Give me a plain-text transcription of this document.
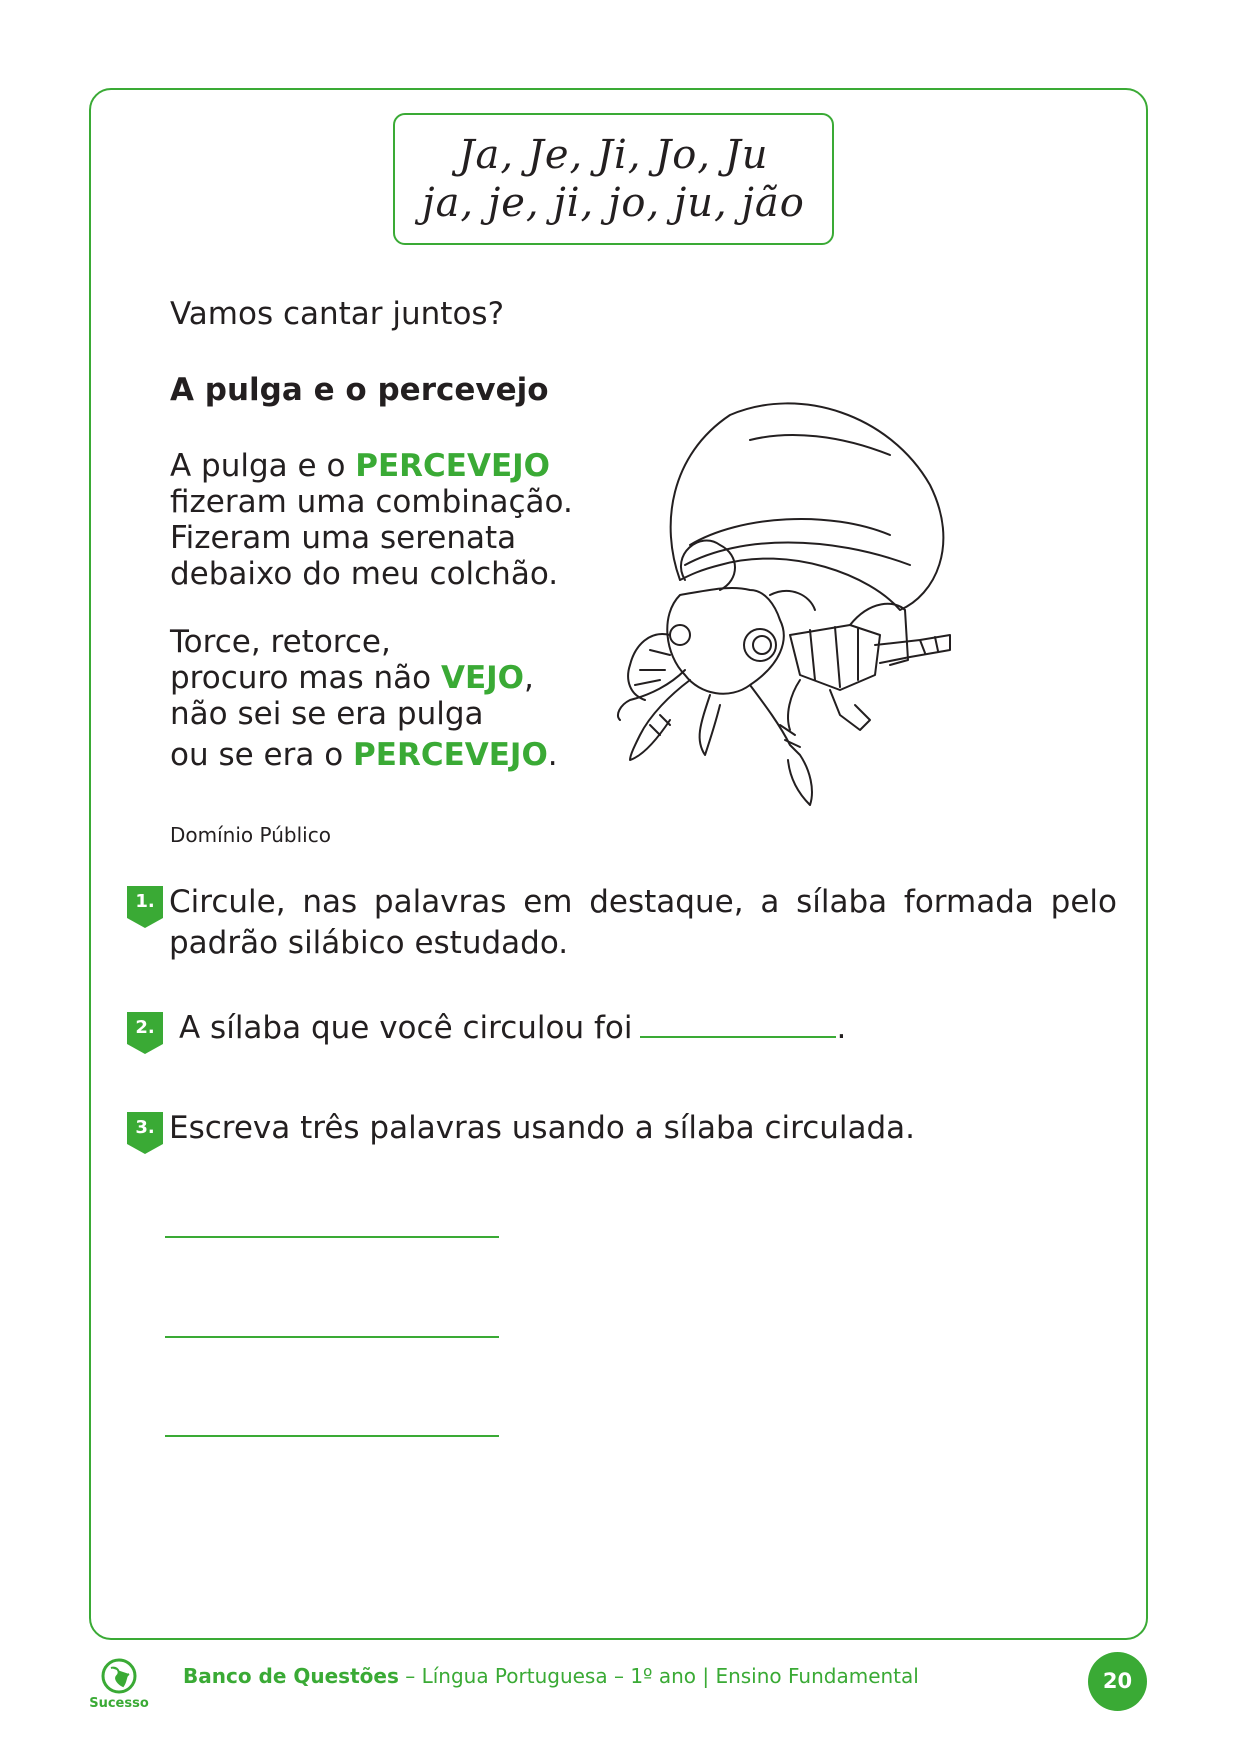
Ja, Je, Ji, Jo, Ju
ja, je, ji, jo, ju, jão
Vamos cantar juntos?
A pulga e o percevejo
A pulga e o PERCEVEJO
fizeram uma combinação.
Fizeram uma serenata
debaixo do meu colchão.
Torce, retorce,
procuro mas não VEJO,
não sei se era pulga
ou se era o PERCEVEJO.
Domínio Público
1. Circule, nas palavras em destaque, a sílaba formada pelo padrão silábico estudado.
2. A sílaba que você circulou foi	.
3. Escreva três palavras usando a sílaba circulada.
Sucesso
Banco de Questões – Língua Portuguesa – 1º ano | Ensino Fundamental	20
